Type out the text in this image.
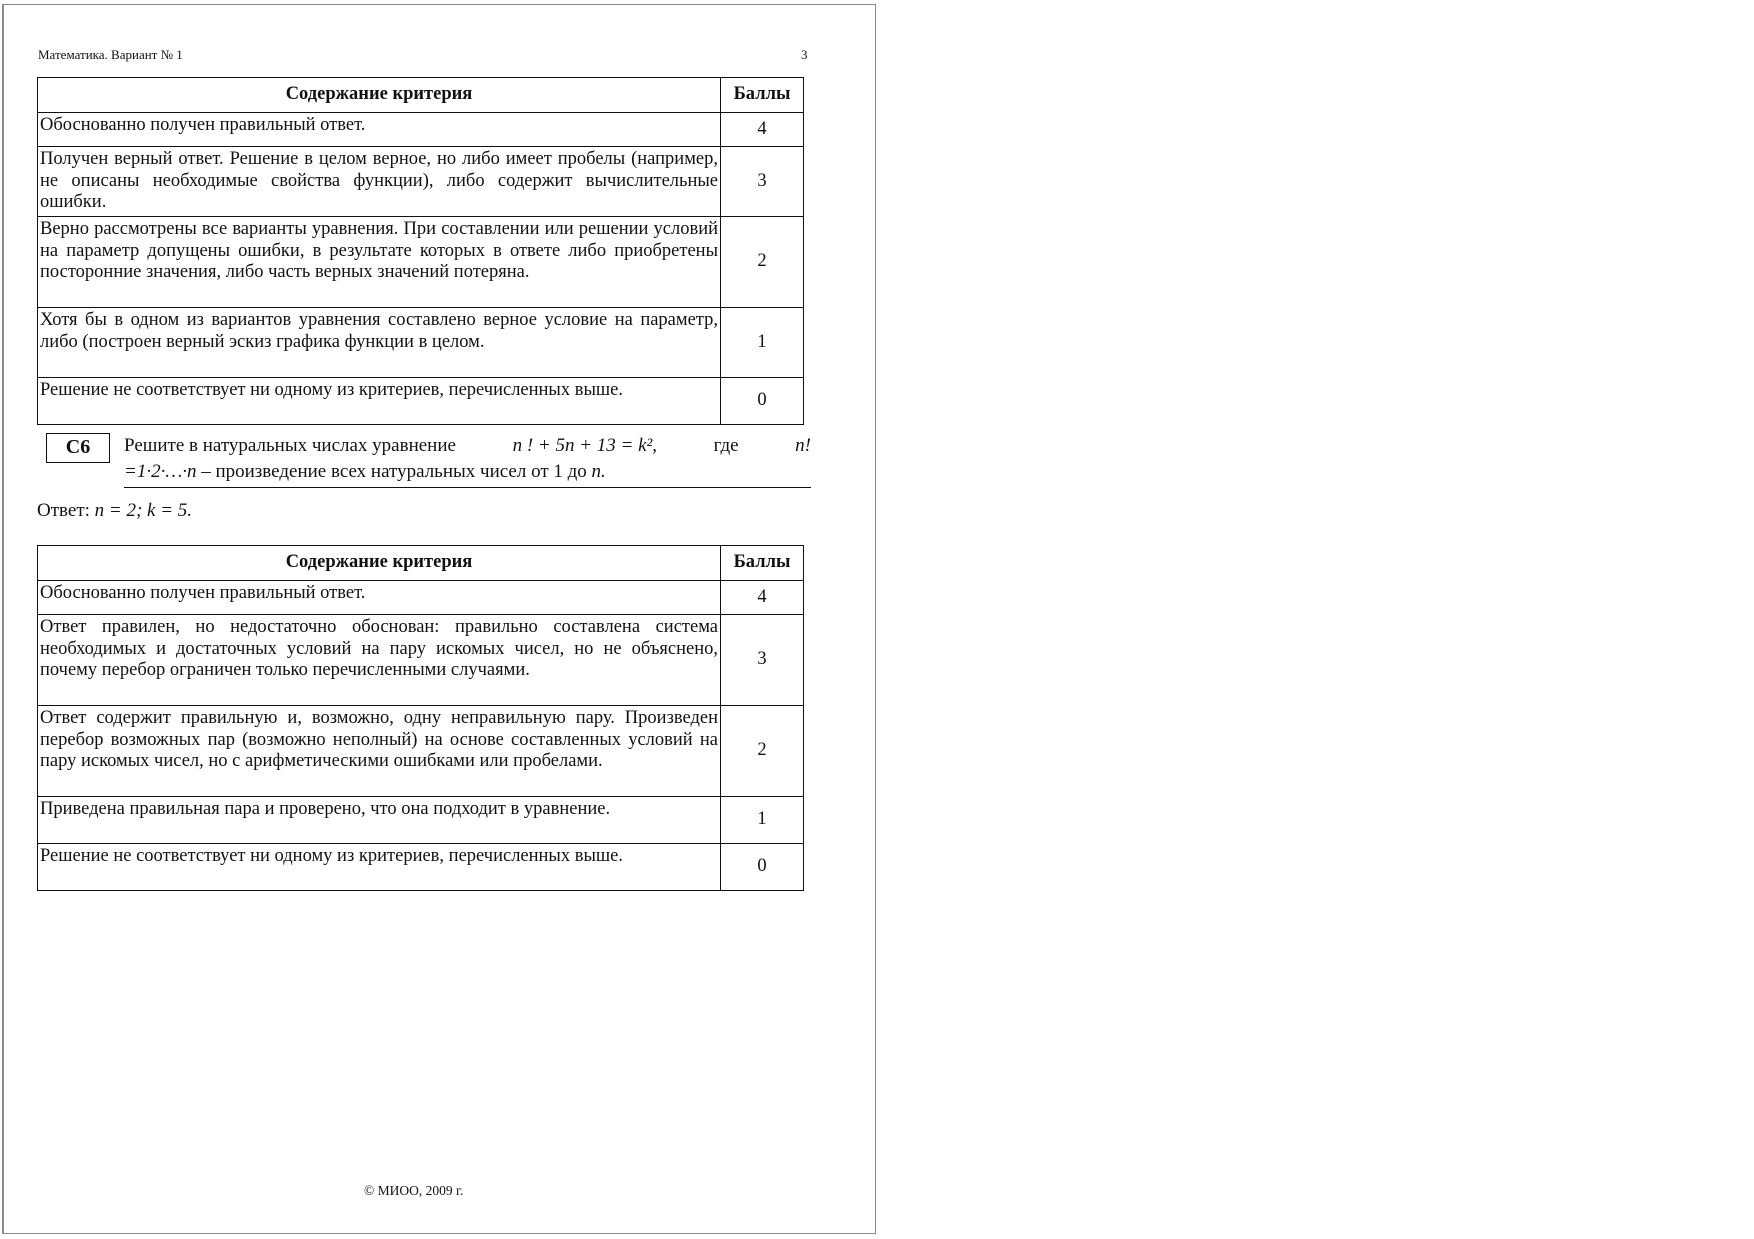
Математика. Вариант № 1	3
Содержание критерия	Баллы
Обоснованно получен правильный ответ.	4
Получен верный ответ. Решение в целом верное, но либо имеет пробелы (например, не описаны необходимые свойства функции), либо содержит вычислительные ошибки.	3
Верно рассмотрены все варианты уравнения. При составлении или решении условий на параметр допущены ошибки, в результате которых в ответе либо приобретены посторонние значения, либо часть верных значений потеряна.	2
Хотя бы в одном из вариантов уравнения составлено верное условие на параметр, либо (построен верный эскиз графика функции в целом.	1
Решение не соответствует ни одному из критериев, перечисленных выше.	0
С6	Решите в натуральных числах уравнение	n ! + 5n + 13 = k²,	где	n!
=1·2·…·n – произведение всех натуральных чисел от 1 до n.
Ответ: n = 2; k = 5.
Содержание критерия	Баллы
Обоснованно получен правильный ответ.	4
Ответ правилен, но недостаточно обоснован: правильно составлена система необходимых и достаточных условий на пару искомых чисел, но не объяснено, почему перебор ограничен только перечисленными случаями.	3
Ответ содержит правильную и, возможно, одну неправильную пару. Произведен перебор возможных пар (возможно неполный) на основе составленных условий на пару искомых чисел, но с арифметическими ошибками или пробелами.	2
Приведена правильная пара и проверено, что она подходит в уравнение.	1
Решение не соответствует ни одному из критериев, перечисленных выше.	0
© МИОО, 2009 г.
